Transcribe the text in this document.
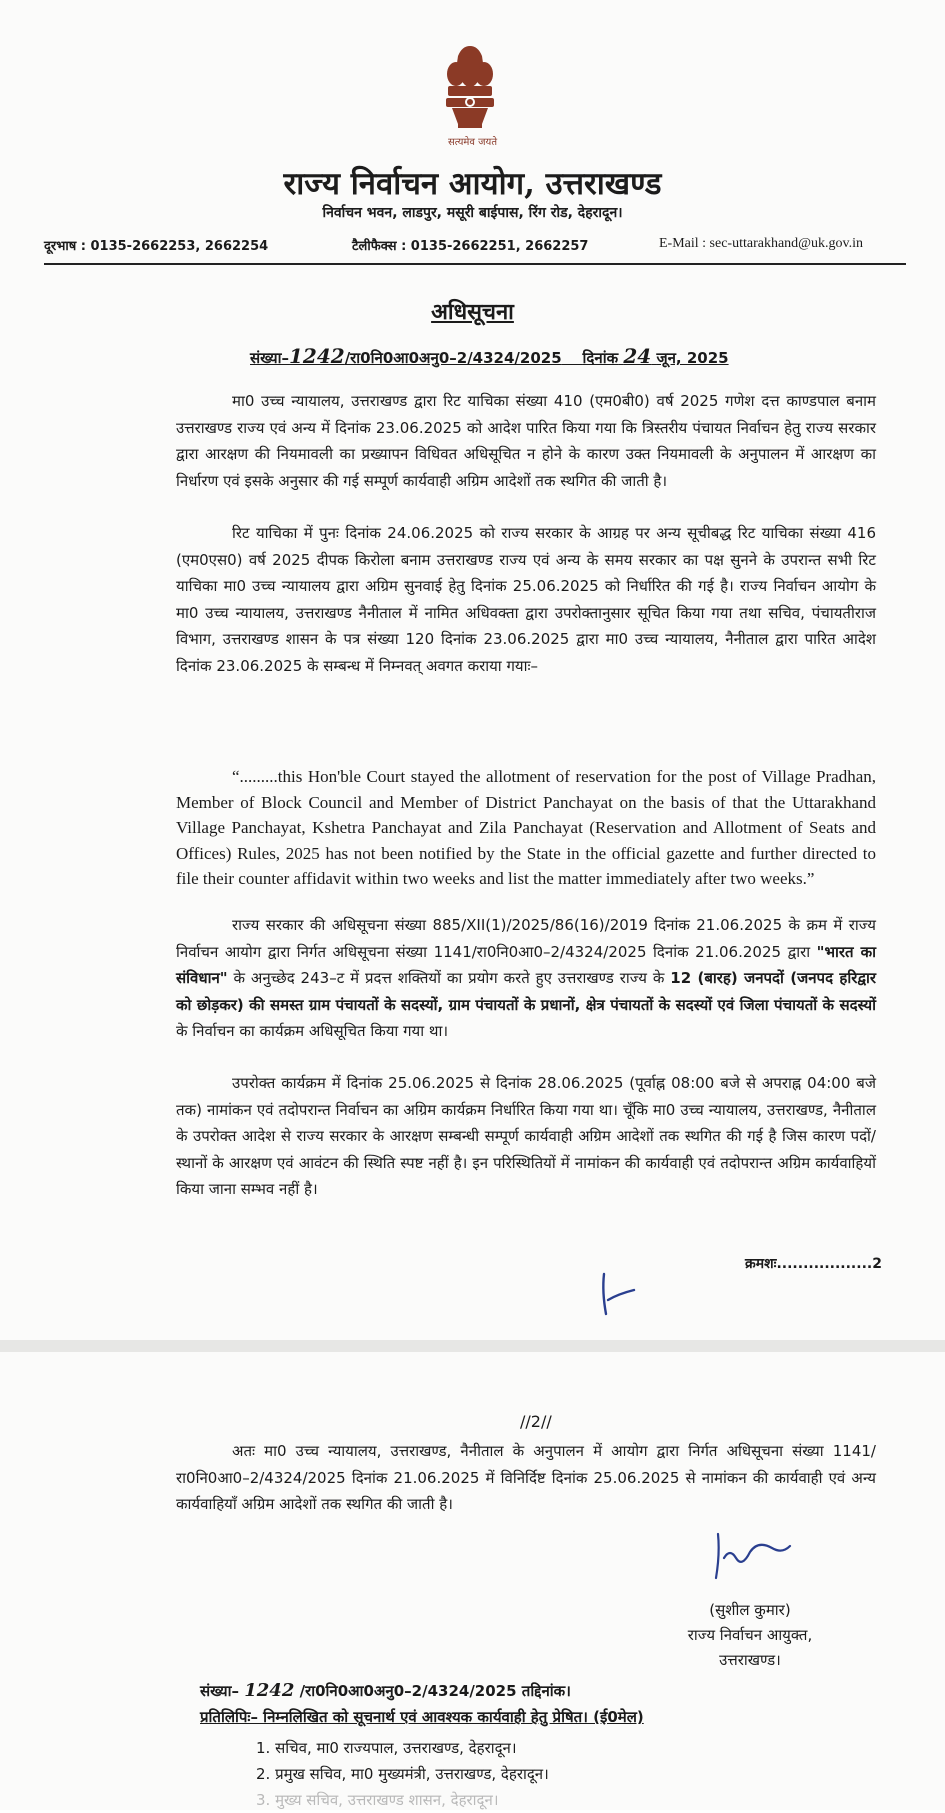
सत्यमेव जयते
राज्य निर्वाचन आयोग, उत्तराखण्ड
निर्वाचन भवन, लाडपुर, मसूरी बाईपास, रिंग रोड, देहरादून।
दूरभाष : 0135-2662253, 2662254	टैलीफैक्स : 0135-2662251, 2662257	E-Mail : sec-uttarakhand@uk.gov.in
अधिसूचना
संख्या–1242/रा0नि0आ0अनु0–2/4324/2025 दिनांक 24 जून, 2025

मा0 उच्च न्यायालय, उत्तराखण्ड द्वारा रिट याचिका संख्या 410 (एम0बी0) वर्ष 2025 गणेश दत्त काण्डपाल बनाम उत्तराखण्ड राज्य एवं अन्य में दिनांक 23.06.2025 को आदेश पारित किया गया कि त्रिस्तरीय पंचायत निर्वाचन हेतु राज्य सरकार द्वारा आरक्षण की नियमावली का प्रख्यापन विधिवत अधिसूचित न होने के कारण उक्त नियमावली के अनुपालन में आरक्षण का निर्धारण एवं इसके अनुसार की गई सम्पूर्ण कार्यवाही अग्रिम आदेशों तक स्थगित की जाती है।

रिट याचिका में पुनः दिनांक 24.06.2025 को राज्य सरकार के आग्रह पर अन्य सूचीबद्ध रिट याचिका संख्या 416 (एम0एस0) वर्ष 2025 दीपक किरोला बनाम उत्तराखण्ड राज्य एवं अन्य के समय सरकार का पक्ष सुनने के उपरान्त सभी रिट याचिका मा0 उच्च न्यायालय द्वारा अग्रिम सुनवाई हेतु दिनांक 25.06.2025 को निर्धारित की गई है। राज्य निर्वाचन आयोग के मा0 उच्च न्यायालय, उत्तराखण्ड नैनीताल में नामित अधिवक्ता द्वारा उपरोक्तानुसार सूचित किया गया तथा सचिव, पंचायतीराज विभाग, उत्तराखण्ड शासन के पत्र संख्या 120 दिनांक 23.06.2025 द्वारा मा0 उच्च न्यायालय, नैनीताल द्वारा पारित आदेश दिनांक 23.06.2025 के सम्बन्ध में निम्नवत् अवगत कराया गयाः–

“.........this Hon'ble Court stayed the allotment of reservation for the post of Village Pradhan, Member of Block Council and Member of District Panchayat on the basis of that the Uttarakhand Village Panchayat, Kshetra Panchayat and Zila Panchayat (Reservation and Allotment of Seats and Offices) Rules, 2025 has not been notified by the State in the official gazette and further directed to file their counter affidavit within two weeks and list the matter immediately after two weeks.”

राज्य सरकार की अधिसूचना संख्या 885/XII(1)/2025/86(16)/2019 दिनांक 21.06.2025 के क्रम में राज्य निर्वाचन आयोग द्वारा निर्गत अधिसूचना संख्या 1141/रा0नि0आ0–2/4324/2025 दिनांक 21.06.2025 द्वारा "भारत का संविधान" के अनुच्छेद 243–ट में प्रदत्त शक्तियों का प्रयोग करते हुए उत्तराखण्ड राज्य के 12 (बारह) जनपदों (जनपद हरिद्वार को छोड़कर) की समस्त ग्राम पंचायतों के सदस्यों, ग्राम पंचायतों के प्रधानों, क्षेत्र पंचायतों के सदस्यों एवं जिला पंचायतों के सदस्यों के निर्वाचन का कार्यक्रम अधिसूचित किया गया था।

उपरोक्त कार्यक्रम में दिनांक 25.06.2025 से दिनांक 28.06.2025 (पूर्वाह्न 08:00 बजे से अपराह्न 04:00 बजे तक) नामांकन एवं तदोपरान्त निर्वाचन का अग्रिम कार्यक्रम निर्धारित किया गया था। चूँकि मा0 उच्च न्यायालय, उत्तराखण्ड, नैनीताल के उपरोक्त आदेश से राज्य सरकार के आरक्षण सम्बन्धी सम्पूर्ण कार्यवाही अग्रिम आदेशों तक स्थगित की गई है जिस कारण पदों/स्थानों के आरक्षण एवं आवंटन की स्थिति स्पष्ट नहीं है। इन परिस्थितियों में नामांकन की कार्यवाही एवं तदोपरान्त अग्रिम कार्यवाहियों किया जाना सम्भव नहीं है।

क्रमशः..................2
//2//

अतः मा0 उच्च न्यायालय, उत्तराखण्ड, नैनीताल के अनुपालन में आयोग द्वारा निर्गत अधिसूचना संख्या 1141/रा0नि0आ0–2/4324/2025 दिनांक 21.06.2025 में विनिर्दिष्ट दिनांक 25.06.2025 से नामांकन की कार्यवाही एवं अन्य कार्यवाहियाँ अग्रिम आदेशों तक स्थगित की जाती है।

(सुशील कुमार)
राज्य निर्वाचन आयुक्त,
उत्तराखण्ड।
संख्या– 1242 /रा0नि0आ0अनु0–2/4324/2025 तद्दिनांक।
प्रतिलिपिः– निम्नलिखित को सूचनार्थ एवं आवश्यक कार्यवाही हेतु प्रेषित। (ई0मेल)
1. सचिव, मा0 राज्यपाल, उत्तराखण्ड, देहरादून।
2. प्रमुख सचिव, मा0 मुख्यमंत्री, उत्तराखण्ड, देहरादून।
3. मुख्य सचिव, उत्तराखण्ड शासन, देहरादून।
